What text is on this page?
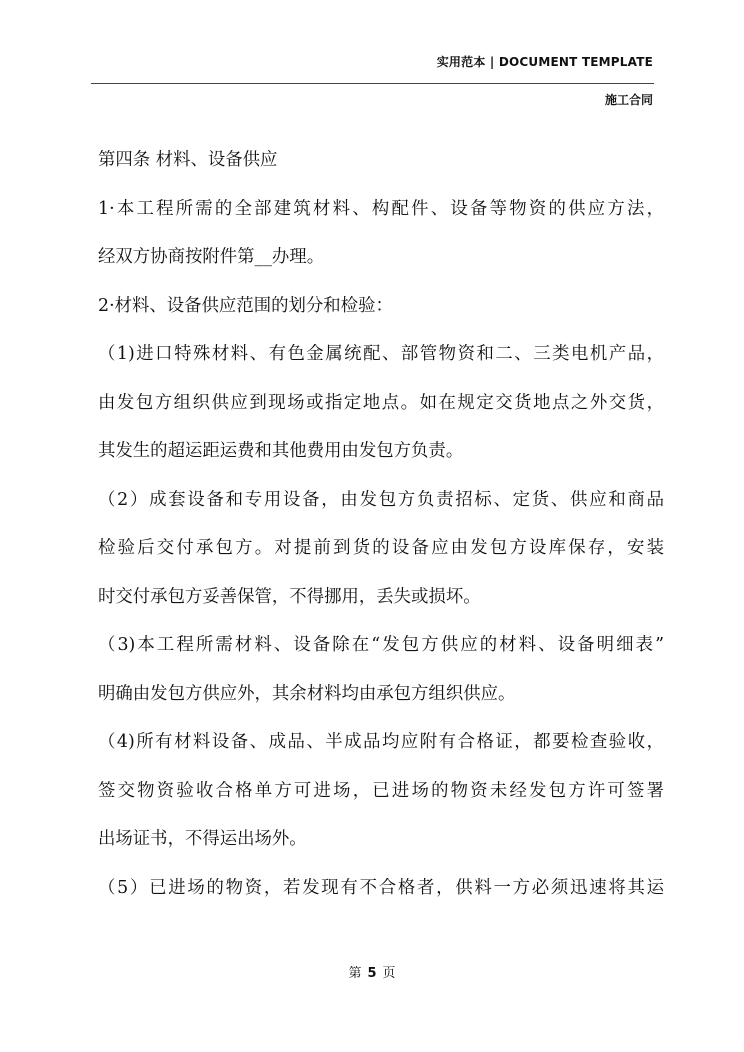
实用范本 | DOCUMENT TEMPLATE
施工合同
第四条 材料、设备供应
1·本工程所需的全部建筑材料、构配件、设备等物资的供应方法，
经双方协商按附件第__办理。
2·材料、设备供应范围的划分和检验：
（1)进口特殊材料、有色金属统配、部管物资和二、三类电机产品，
由发包方组织供应到现场或指定地点。如在规定交货地点之外交货，
其发生的超运距运费和其他费用由发包方负责。
（2）成套设备和专用设备，由发包方负责招标、定货、供应和商品
检验后交付承包方。对提前到货的设备应由发包方设库保存，安装
时交付承包方妥善保管，不得挪用，丢失或损坏。
（3)本工程所需材料、设备除在“发包方供应的材料、设备明细表”
明确由发包方供应外，其余材料均由承包方组织供应。
（4)所有材料设备、成品、半成品均应附有合格证，都要检查验收，
签交物资验收合格单方可进场，已进场的物资未经发包方许可签署
出场证书，不得运出场外。
（5）已进场的物资，若发现有不合格者，供料一方必须迅速将其运
第 5 页
